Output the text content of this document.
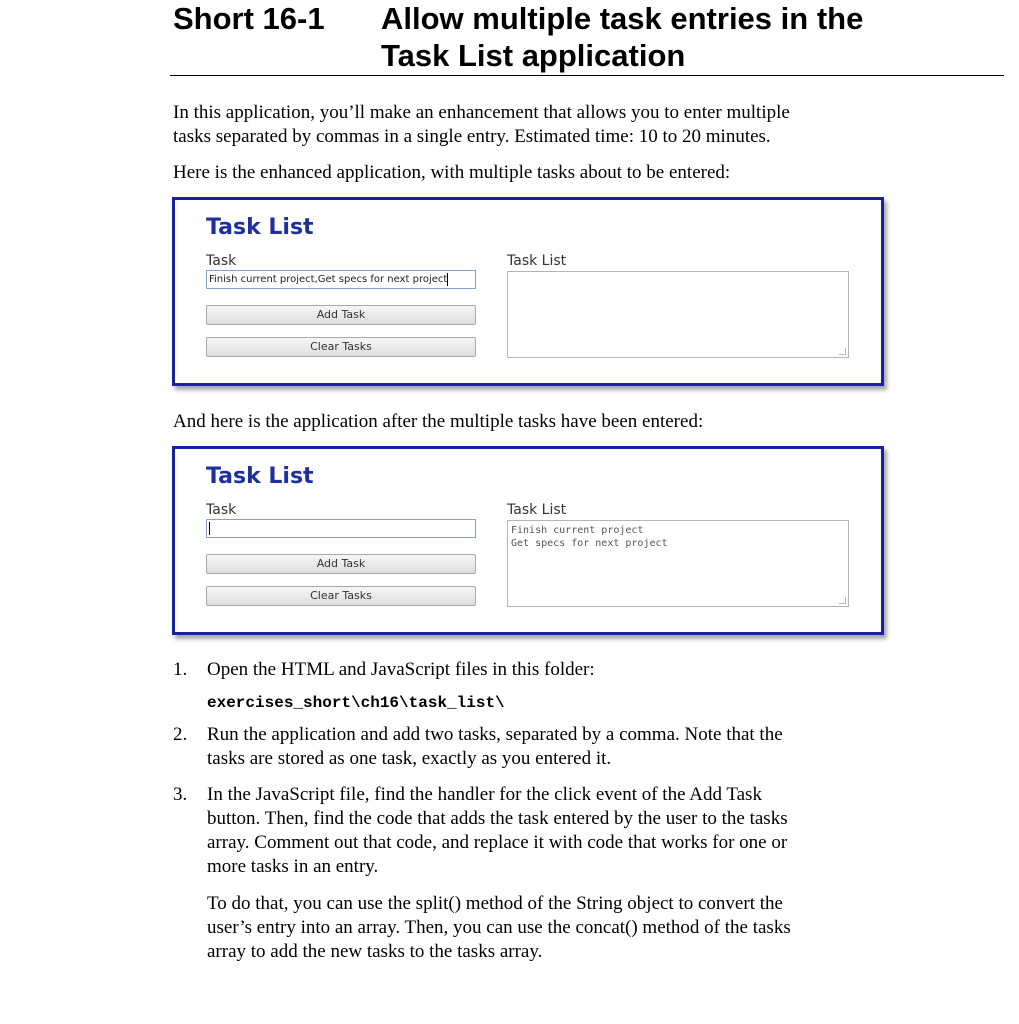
Short 16-1 Allow multiple task entries in the
Task List application
In this application, you’ll make an enhancement that allows you to enter multiple
tasks separated by commas in a single entry. Estimated time: 10 to 20 minutes.
Here is the enhanced application, with multiple tasks about to be entered:
Task List
Task
Finish current project,Get specs for next project
Add Task
Clear Tasks
Task List
And here is the application after the multiple tasks have been entered:
Task List
Task
Add Task
Clear Tasks
Task List
Finish current project
Get specs for next project
1. Open the HTML and JavaScript files in this folder:
exercises_short\ch16\task_list\
2. Run the application and add two tasks, separated by a comma. Note that the
tasks are stored as one task, exactly as you entered it.
3. In the JavaScript file, find the handler for the click event of the Add Task
button. Then, find the code that adds the task entered by the user to the tasks
array. Comment out that code, and replace it with code that works for one or
more tasks in an entry.
To do that, you can use the split() method of the String object to convert the
user’s entry into an array. Then, you can use the concat() method of the tasks
array to add the new tasks to the tasks array.
